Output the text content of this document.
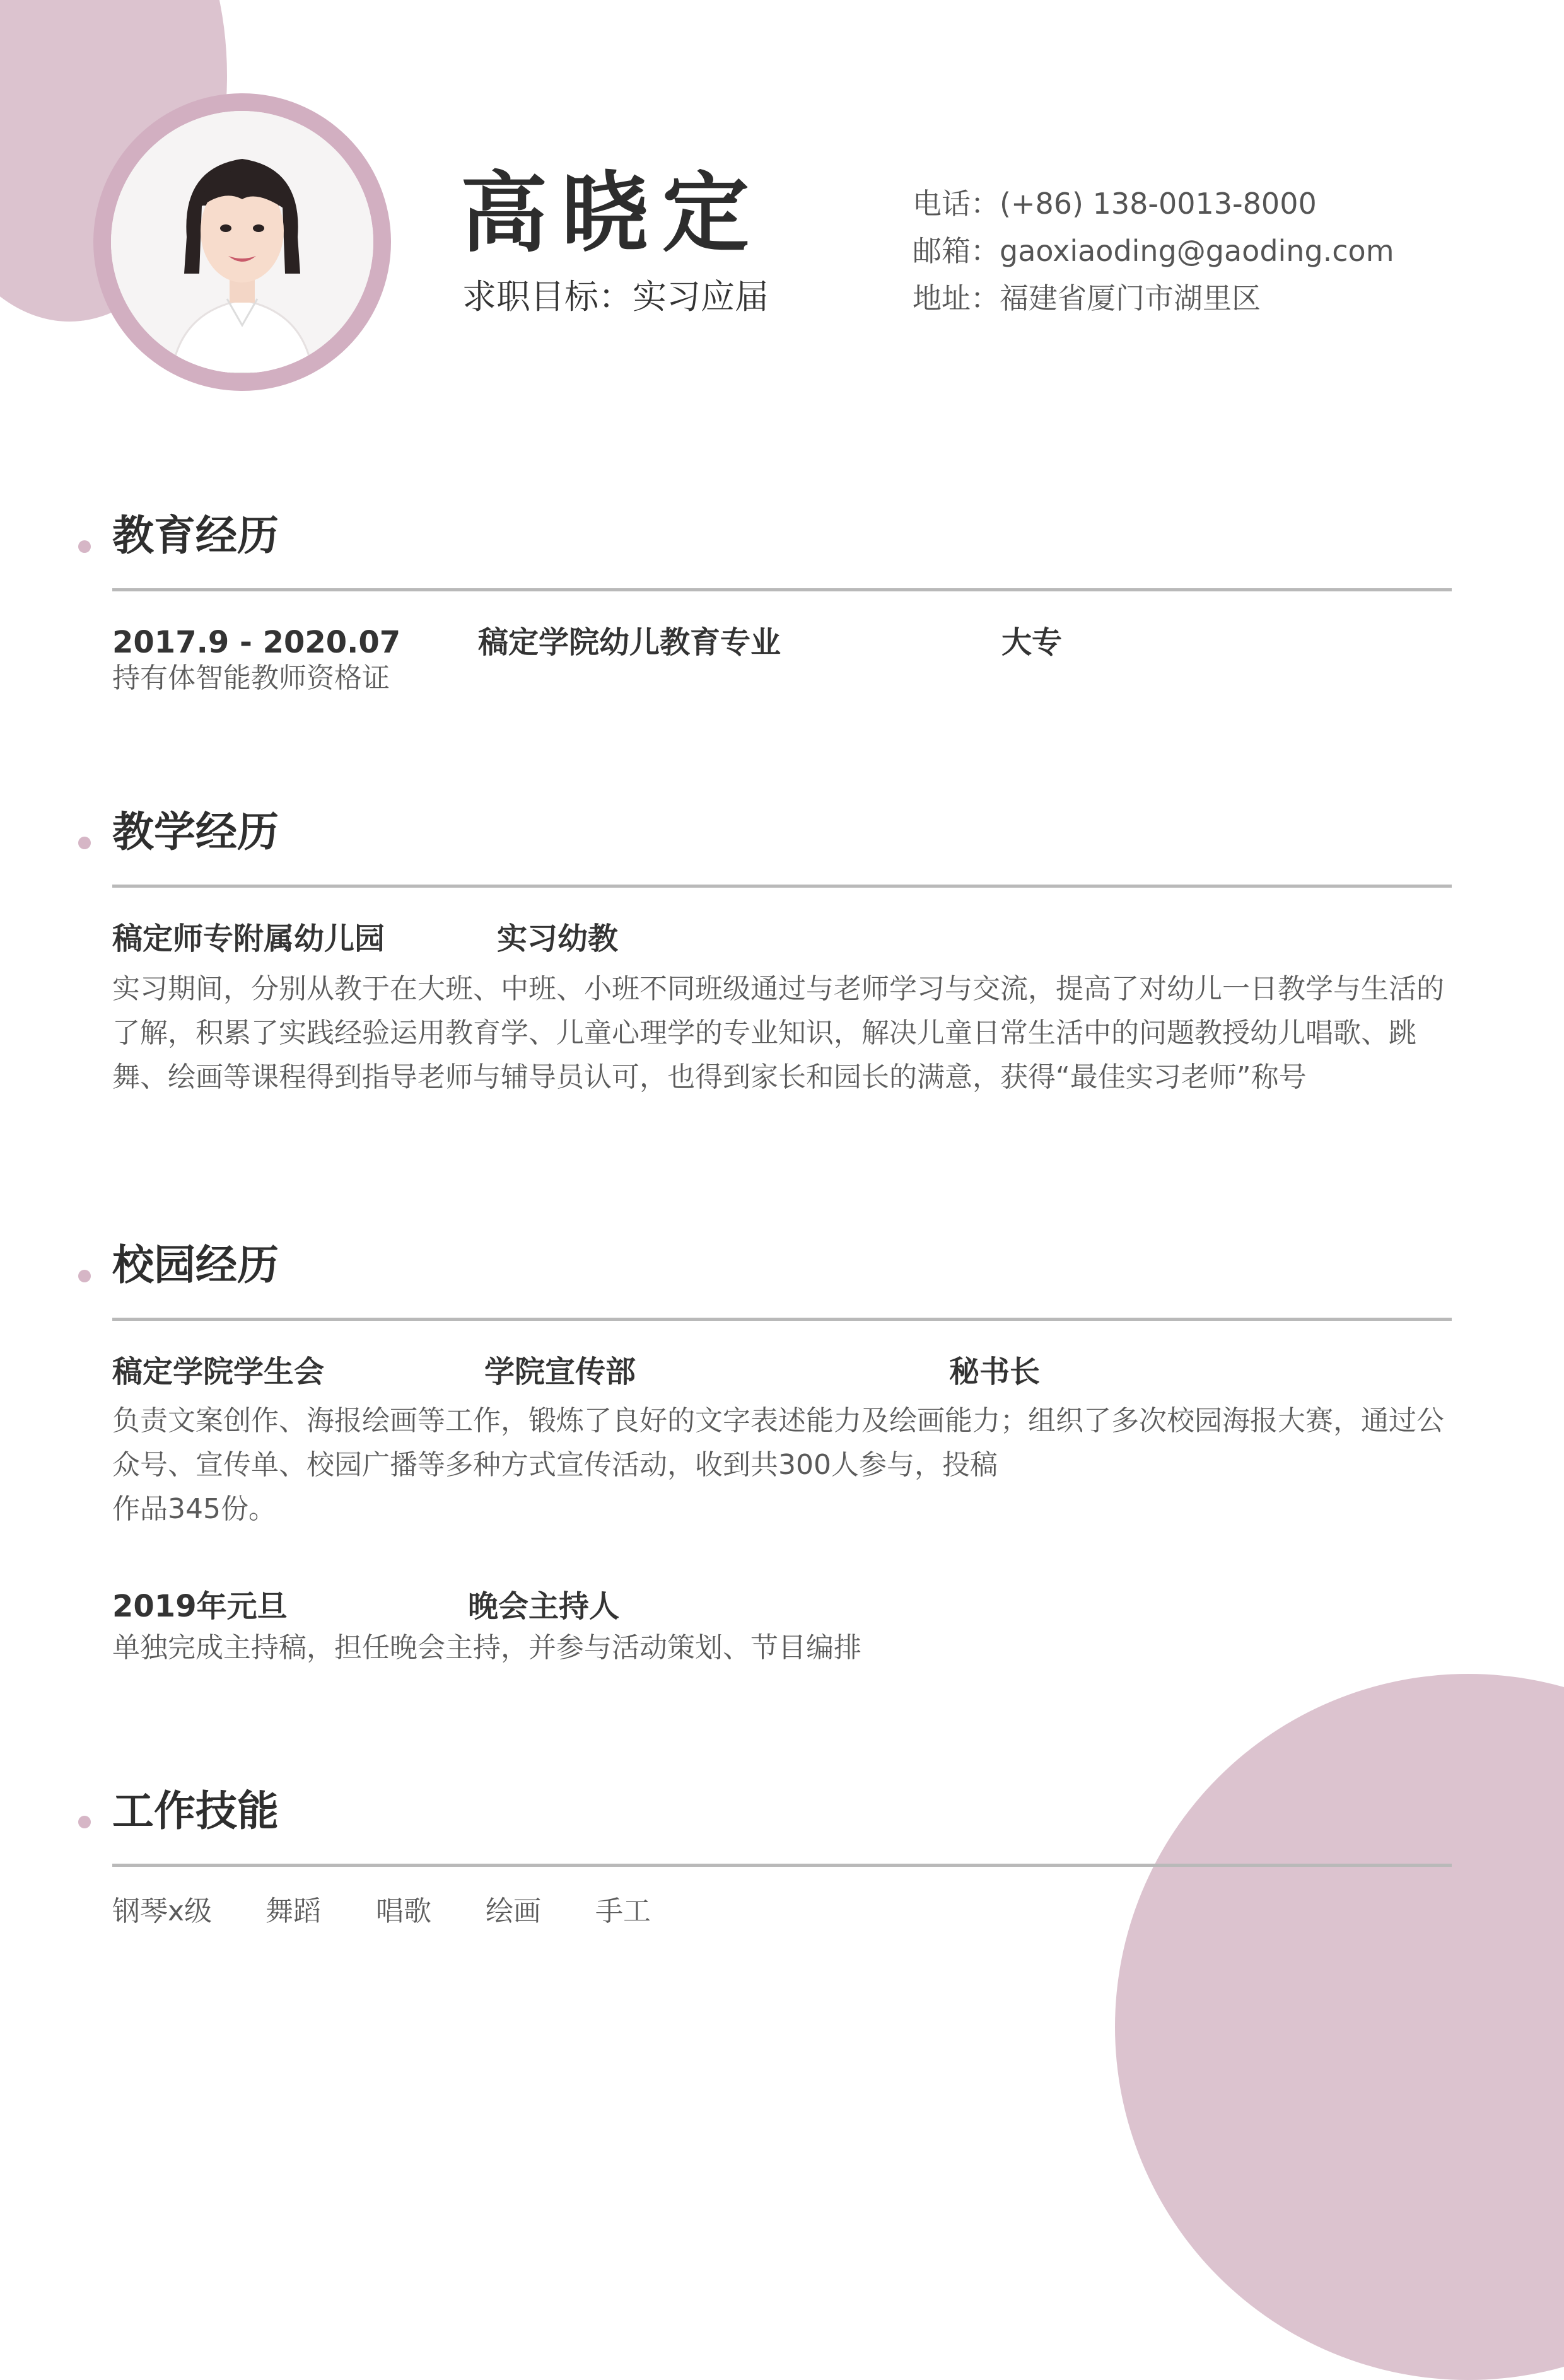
高晓定
求职目标：实习应届
电话：(+86) 138-0013-8000
邮箱：gaoxiaoding@gaoding.com
地址：福建省厦门市湖里区
教育经历
2017.9 - 2020.07	稿定学院幼儿教育专业	大专
持有体智能教师资格证
教学经历
稿定师专附属幼儿园	实习幼教
实习期间，分别从教于在大班、中班、小班不同班级通过与老师学习与交流，提高了对幼儿一日教学与生活的了解，积累了实践经验运用教育学、儿童心理学的专业知识，解决儿童日常生活中的问题教授幼儿唱歌、跳舞、绘画等课程得到指导老师与辅导员认可，也得到家长和园长的满意，获得“最佳实习老师”称号
校园经历
稿定学院学生会	学院宣传部	秘书长
负责文案创作、海报绘画等工作，锻炼了良好的文字表述能力及绘画能力；组织了多次校园海报大赛，通过公众号、宣传单、校园广播等多种方式宣传活动，收到共300人参与，投稿
作品345份。
2019年元旦	晚会主持人
单独完成主持稿，担任晚会主持，并参与活动策划、节目编排
工作技能
钢琴x级 舞蹈 唱歌 绘画 手工
